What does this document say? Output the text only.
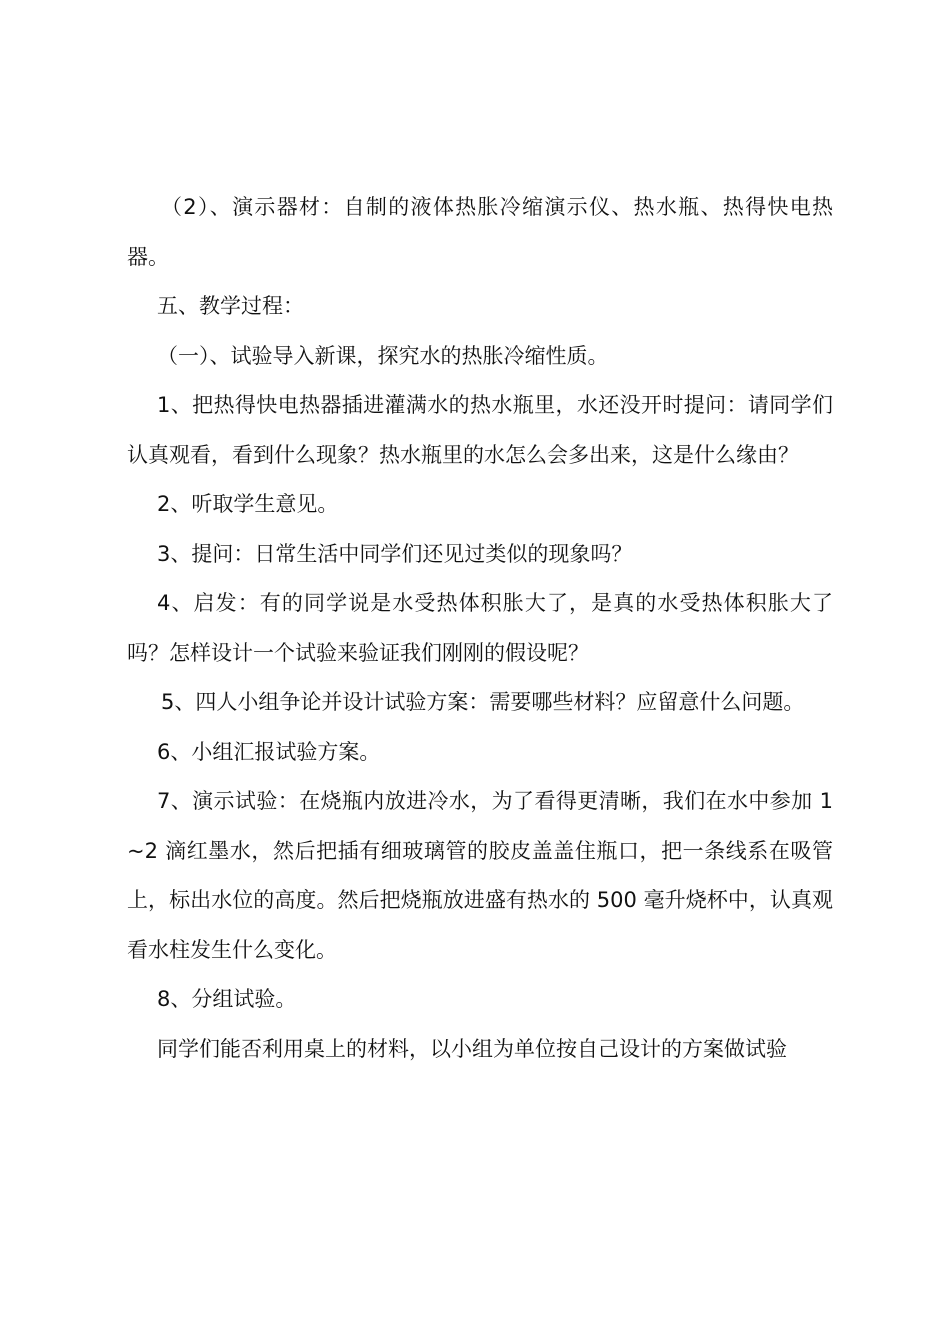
（2）、演示器材：自制的液体热胀冷缩演示仪、热水瓶、热得快电热器。

五、教学过程：

（一）、试验导入新课，探究水的热胀冷缩性质。

1、把热得快电热器插进灌满水的热水瓶里，水还没开时提问：请同学们认真观看，看到什么现象？热水瓶里的水怎么会多出来，这是什么缘由？

2、听取学生意见。

3、提问：日常生活中同学们还见过类似的现象吗？

4、启发：有的同学说是水受热体积胀大了，是真的水受热体积胀大了吗？怎样设计一个试验来验证我们刚刚的假设呢？

5、四人小组争论并设计试验方案：需要哪些材料？应留意什么问题。

6、小组汇报试验方案。

7、演示试验：在烧瓶内放进冷水，为了看得更清晰，我们在水中参加 1~2 滴红墨水，然后把插有细玻璃管的胶皮盖盖住瓶口，把一条线系在吸管上，标出水位的高度。然后把烧瓶放进盛有热水的 500 毫升烧杯中，认真观看水柱发生什么变化。

8、分组试验。

同学们能否利用桌上的材料，以小组为单位按自己设计的方案做试验
